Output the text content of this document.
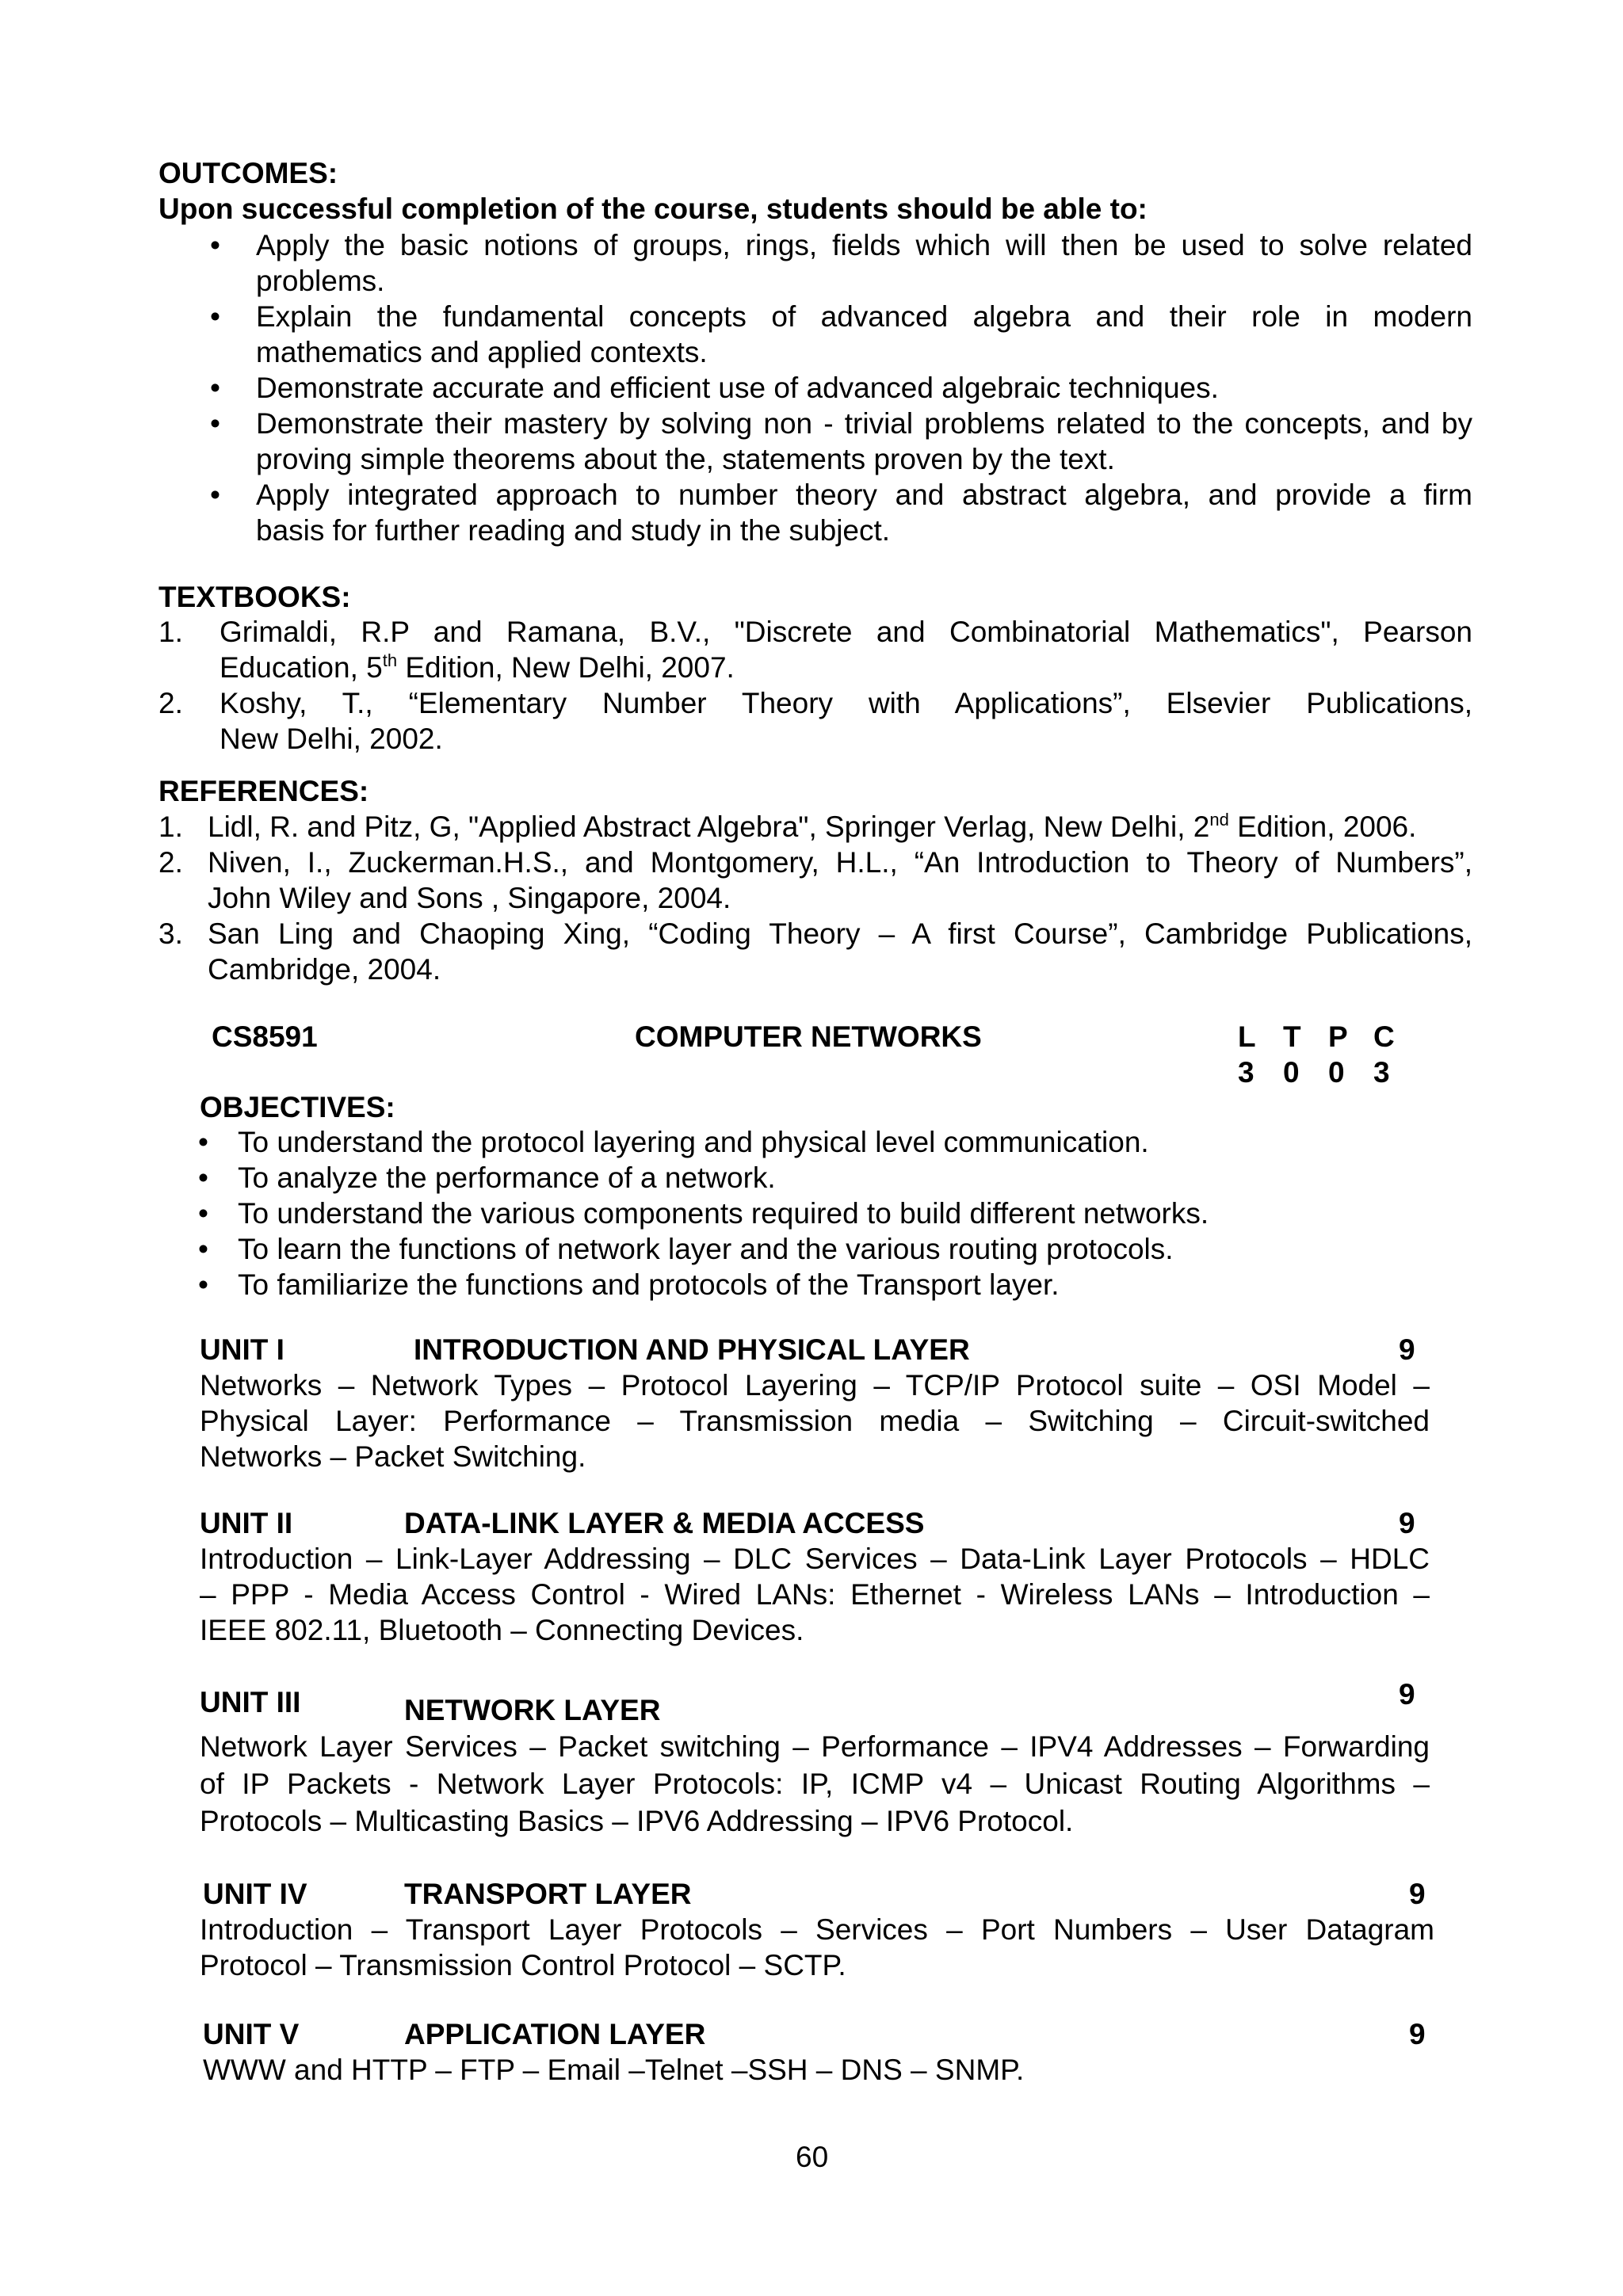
OUTCOMES:
Upon successful completion of the course, students should be able to:
• Apply the basic notions of groups, rings, fields which will then be used to solve related
problems.
• Explain the fundamental concepts of advanced algebra and their role in modern
mathematics and applied contexts.
• Demonstrate accurate and efficient use of advanced algebraic techniques.
• Demonstrate their mastery by solving non - trivial problems related to the concepts, and by
proving simple theorems about the, statements proven by the text.
• Apply integrated approach to number theory and abstract algebra, and provide a firm
basis for further reading and study in the subject.
TEXTBOOKS:
1. Grimaldi, R.P and Ramana, B.V., "Discrete and Combinatorial Mathematics", Pearson
Education, 5th Edition, New Delhi, 2007.
2. Koshy, T., “Elementary Number Theory with Applications”, Elsevier Publications,
New Delhi, 2002.
REFERENCES:
1. Lidl, R. and Pitz, G, "Applied Abstract Algebra", Springer Verlag, New Delhi, 2nd Edition, 2006.
2. Niven, I., Zuckerman.H.S., and Montgomery, H.L., “An Introduction to Theory of Numbers”,
John Wiley and Sons , Singapore, 2004.
3. San Ling and Chaoping Xing, “Coding Theory – A first Course”, Cambridge Publications,
Cambridge, 2004.
CS8591	COMPUTER NETWORKS	L T P C
3 0 0 3
OBJECTIVES:
• To understand the protocol layering and physical level communication.
• To analyze the performance of a network.
• To understand the various components required to build different networks.
• To learn the functions of network layer and the various routing protocols.
• To familiarize the functions and protocols of the Transport layer.
UNIT I	INTRODUCTION AND PHYSICAL LAYER	9
Networks – Network Types – Protocol Layering – TCP/IP Protocol suite – OSI Model –
Physical Layer: Performance – Transmission media – Switching – Circuit-switched
Networks – Packet Switching.
UNIT II	DATA-LINK LAYER & MEDIA ACCESS	9
Introduction – Link-Layer Addressing – DLC Services – Data-Link Layer Protocols – HDLC
– PPP - Media Access Control - Wired LANs: Ethernet - Wireless LANs – Introduction –
IEEE 802.11, Bluetooth – Connecting Devices.
UNIT III	NETWORK LAYER	9
Network Layer Services – Packet switching – Performance – IPV4 Addresses – Forwarding
of IP Packets - Network Layer Protocols: IP, ICMP v4 – Unicast Routing Algorithms –
Protocols – Multicasting Basics – IPV6 Addressing – IPV6 Protocol.
UNIT IV	TRANSPORT LAYER	9
Introduction – Transport Layer Protocols – Services – Port Numbers – User Datagram
Protocol – Transmission Control Protocol – SCTP.
UNIT V	APPLICATION LAYER	9
WWW and HTTP – FTP – Email –Telnet –SSH – DNS – SNMP.
60
